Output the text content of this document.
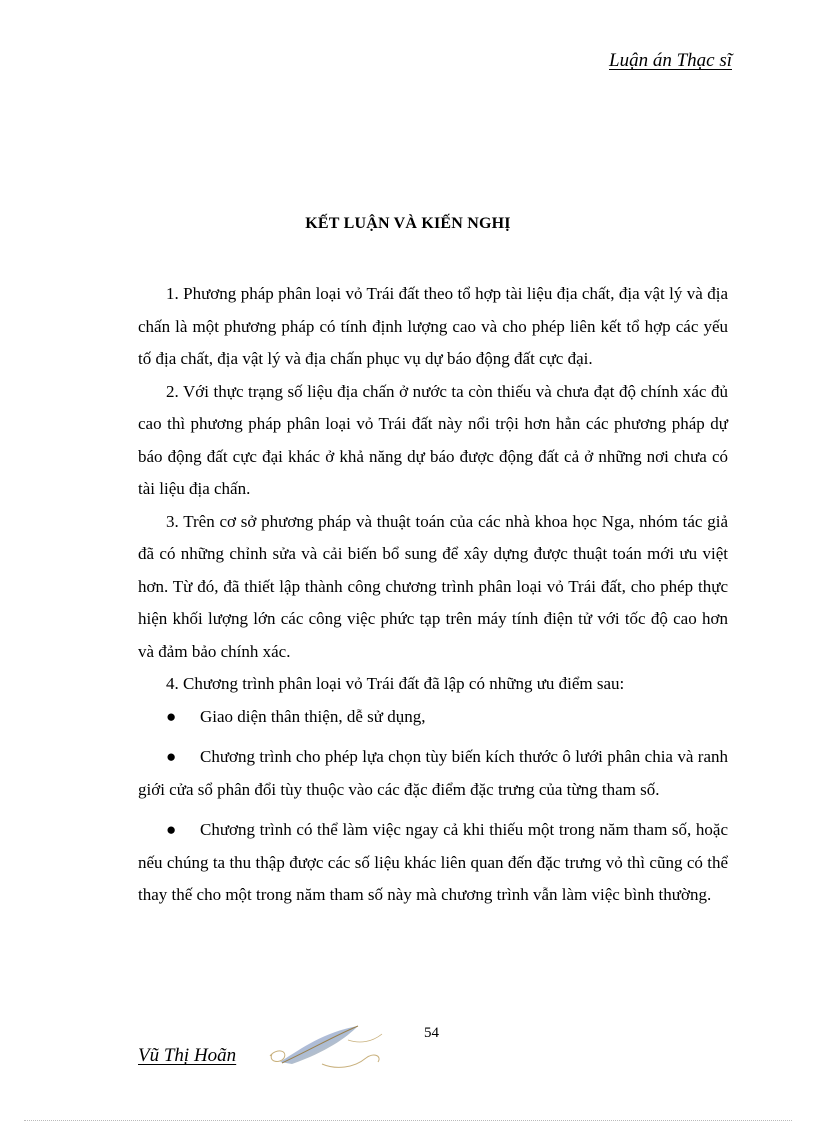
Luận án Thạc sĩ
KẾT LUẬN VÀ KIẾN NGHỊ

1. Phương pháp phân loại vỏ Trái đất theo tổ hợp tài liệu địa chất, địa vật lý và địa chấn là một phương pháp có tính định lượng cao và cho phép liên kết tổ hợp các yếu tố địa chất, địa vật lý và địa chấn phục vụ dự báo động đất cực đại.

2. Với thực trạng số liệu địa chấn ở nước ta còn thiếu và chưa đạt độ chính xác đủ cao thì phương pháp phân loại vỏ Trái đất này nổi trội hơn hẳn các phương pháp dự báo động đất cực đại khác ở khả năng dự báo được động đất cả ở những nơi chưa có tài liệu địa chấn.

3. Trên cơ sở phương pháp và thuật toán của các nhà khoa học Nga, nhóm tác giả đã có những chỉnh sửa và cải biến bổ sung để xây dựng được thuật toán mới ưu việt hơn. Từ đó, đã thiết lập thành công chương trình phân loại vỏ Trái đất, cho phép thực hiện khối lượng lớn các công việc phức tạp trên máy tính điện tử với tốc độ cao hơn và đảm bảo chính xác.

4. Chương trình phân loại vỏ Trái đất đã lập có những ưu điểm sau:

● Giao diện thân thiện, dễ sử dụng,

● Chương trình cho phép lựa chọn tùy biến kích thước ô lưới phân chia và ranh giới cửa sổ phân đổi tùy thuộc vào các đặc điểm đặc trưng của từng tham số.

● Chương trình có thể làm việc ngay cả khi thiếu một trong năm tham số, hoặc nếu chúng ta thu thập được các số liệu khác liên quan đến đặc trưng vỏ thì cũng có thể thay thế cho một trong năm tham số này mà chương trình vẫn làm việc bình thường.

54
Vũ Thị Hoãn
